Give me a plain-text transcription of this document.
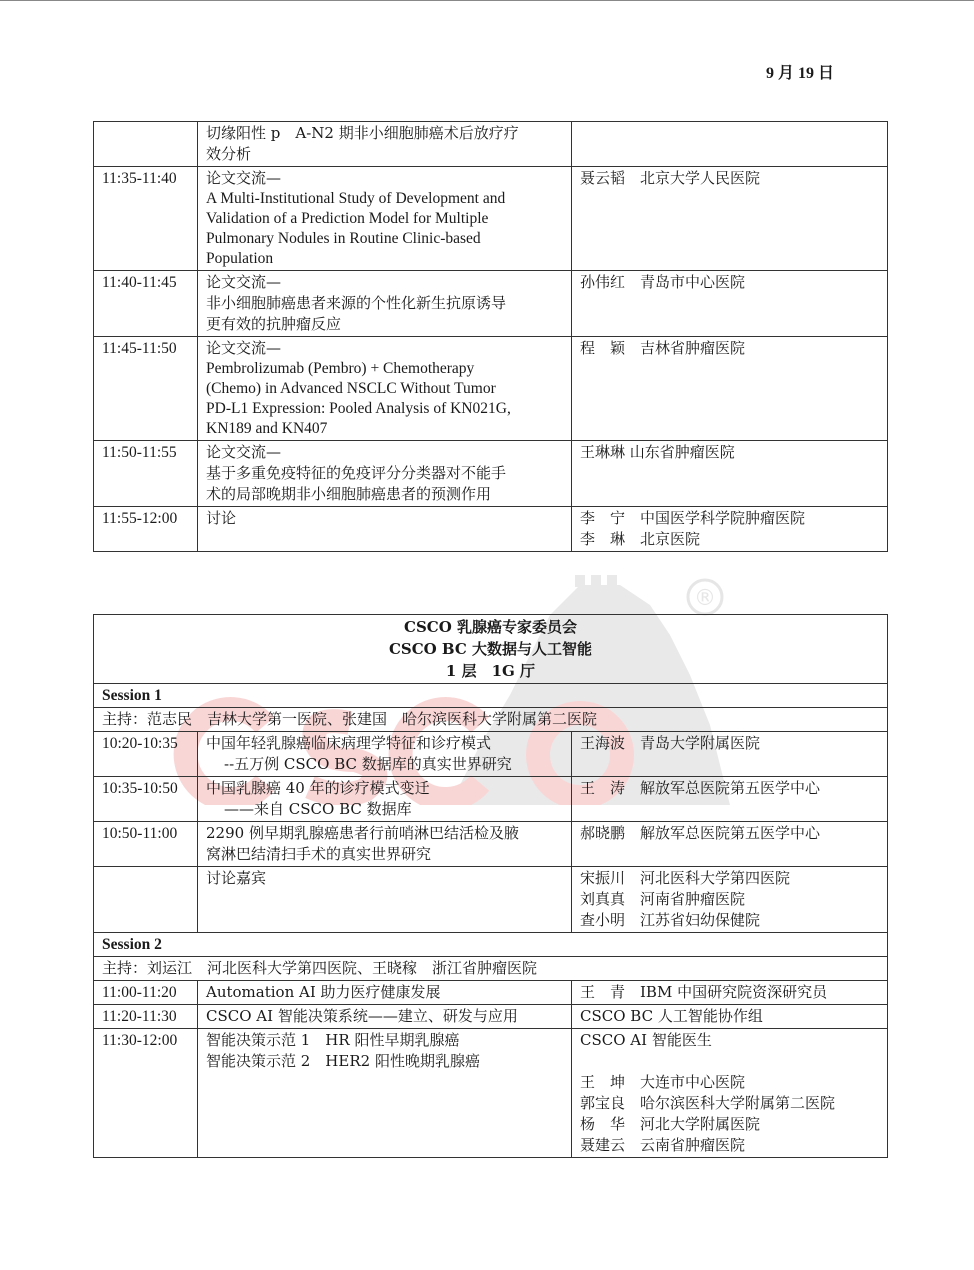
9 月 19 日
®
CSCO

	切缘阳性 p　A-N2 期非小细胞肺癌术后放疗疗
效分析	

11:35-11:40	论文交流—
A Multi-Institutional Study of Development and
Validation of a Prediction Model for Multiple
Pulmonary Nodules in Routine Clinic-based
Population	聂云韬　北京大学人民医院

11:40-11:45	论文交流—
非小细胞肺癌患者来源的个性化新生抗原诱导
更有效的抗肿瘤反应	孙伟红　青岛市中心医院

11:45-11:50	论文交流—
Pembrolizumab (Pembro) + Chemotherapy
(Chemo) in Advanced NSCLC Without Tumor
PD-L1 Expression: Pooled Analysis of KN021G,
KN189 and KN407	程　颖　吉林省肿瘤医院

11:50-11:55	论文交流—
基于多重免疫特征的免疫评分分类器对不能手
术的局部晚期非小细胞肺癌患者的预测作用	王琳琳 山东省肿瘤医院

11:55-12:00	讨论	李　宁　中国医学科学院肿瘤医院
李　琳　北京医院
CSCO 乳腺癌专家委员会
CSCO BC 大数据与人工智能
1 层　1G 厅		

Session 1		
主持：范志民　吉林大学第一医院、张建国　哈尔滨医科大学附属第二医院		
10:20-10:35	中国年轻乳腺癌临床病理学特征和诊疗模式
--五万例 CSCO BC 数据库的真实世界研究	王海波　青岛大学附属医院

10:35-10:50	中国乳腺癌 40 年的诊疗模式变迁
——来自 CSCO BC 数据库	王　涛　解放军总医院第五医学中心

10:50-11:00	2290 例早期乳腺癌患者行前哨淋巴结活检及腋
窝淋巴结清扫手术的真实世界研究	郝晓鹏　解放军总医院第五医学中心

	讨论嘉宾	宋振川　河北医科大学第四医院
刘真真　河南省肿瘤医院
查小明　江苏省妇幼保健院

Session 2		
主持：刘运江　河北医科大学第四医院、王晓稼　浙江省肿瘤医院		
11:00-11:20	Automation AI 助力医疗健康发展	王　青　IBM 中国研究院资深研究员

11:20-11:30	CSCO AI 智能决策系统——建立、研发与应用	CSCO BC 人工智能协作组

11:30-12:00	智能决策示范 1　HR 阳性早期乳腺癌
智能决策示范 2　HER2 阳性晚期乳腺癌	CSCO AI 智能医生
王　坤　大连市中心医院
郭宝良　哈尔滨医科大学附属第二医院
杨　华　河北大学附属医院
聂建云　云南省肿瘤医院
